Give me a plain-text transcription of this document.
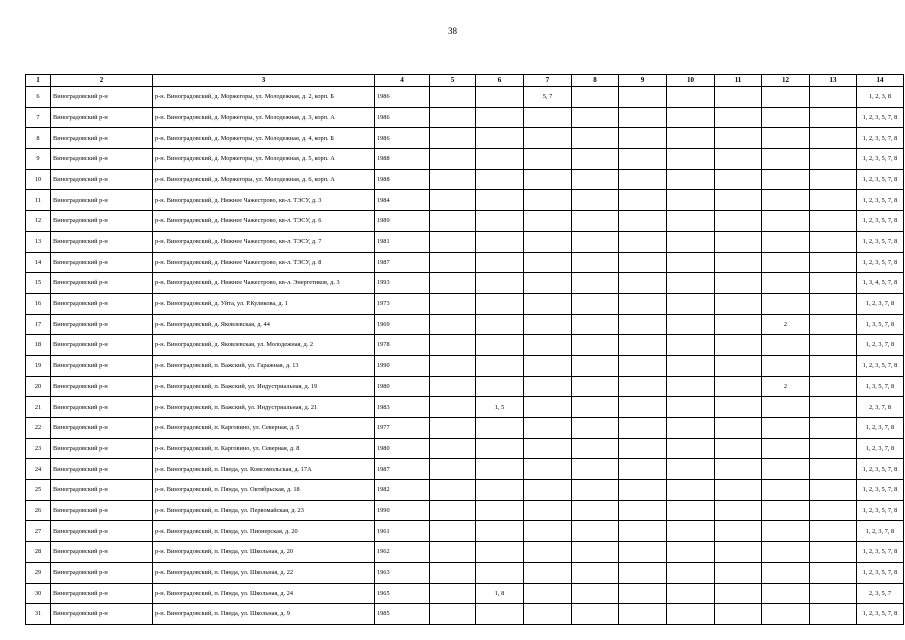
38
1	2	3	4	5	6	7	8	9	10	11	12	13	14
6	Виноградовский р-н	р-н. Виноградовский, д. Моржегоры, ул. Молодежная, д. 2, корп. Б	1986			5, 7							1, 2, 3, 8
7	Виноградовский р-н	р-н. Виноградовский, д. Моржегоры, ул. Молодежная, д. 3, корп. А	1986										1, 2, 3, 5, 7, 8
8	Виноградовский р-н	р-н. Виноградовский, д. Моржегоры, ул. Молодежная, д. 4, корп. Б	1986										1, 2, 3, 5, 7, 8
9	Виноградовский р-н	р-н. Виноградовский, д. Моржегоры, ул. Молодежная, д. 5, корп. А	1988										1, 2, 3, 5, 7, 8
10	Виноградовский р-н	р-н. Виноградовский, д. Моржегоры, ул. Молодежная, д. 6, корп. А	1988										1, 2, 3, 5, 7, 8
11	Виноградовский р-н	р-н. Виноградовский, д. Нижнее Чажестрово, кв-л. ТЭСУ, д. 3	1984										1, 2, 3, 5, 7, 8
12	Виноградовский р-н	р-н. Виноградовский, д. Нижнее Чажестрово, кв-л. ТЭСУ, д. 6	1989										1, 2, 3, 5, 7, 8
13	Виноградовский р-н	р-н. Виноградовский, д. Нижнее Чажестрово, кв-л. ТЭСУ, д. 7	1981										1, 2, 3, 5, 7, 8
14	Виноградовский р-н	р-н. Виноградовский, д. Нижнее Чажестрово, кв-л. ТЭСУ, д. 8	1987										1, 2, 3, 5, 7, 8
15	Виноградовский р-н	р-н. Виноградовский, д. Нижнее Чажестрово, кв-л. Энергетиков, д. 3	1993										1, 3, 4, 5, 7, 8
16	Виноградовский р-н	р-н. Виноградовский, д. Уйта, ул. Р.Куликова, д. 1	1973										1, 2, 3, 7, 8
17	Виноградовский р-н	р-н. Виноградовский, д. Яковлевская, д. 44	1969								2		1, 3, 5, 7, 8
18	Виноградовский р-н	р-н. Виноградовский, д. Яковлевская, ул. Молодежная, д. 2	1978										1, 2, 3, 7, 8
19	Виноградовский р-н	р-н. Виноградовский, п. Важский, ул. Гаражная, д. 13	1990										1, 2, 3, 5, 7, 8
20	Виноградовский р-н	р-н. Виноградовский, п. Важский, ул. Индустриальная, д. 19	1980								2		1, 3, 5, 7, 8
21	Виноградовский р-н	р-н. Виноградовский, п. Важский, ул. Индустриальная, д. 21	1983		1, 5								2, 3, 7, 8
22	Виноградовский р-н	р-н. Виноградовский, п. Карговино, ул. Северная, д. 5	1977										1, 2, 3, 7, 8
23	Виноградовский р-н	р-н. Виноградовский, п. Карговино, ул. Северная, д. 8	1980										1, 2, 3, 7, 8
24	Виноградовский р-н	р-н. Виноградовский, п. Пянда, ул. Комсомольская, д. 17А	1987										1, 2, 3, 5, 7, 8
25	Виноградовский р-н	р-н. Виноградовский, п. Пянда, ул. Октябрьская, д. 18	1982										1, 2, 3, 5, 7, 8
26	Виноградовский р-н	р-н. Виноградовский, п. Пянда, ул. Первомайская, д. 23	1990										1, 2, 3, 5, 7, 8
27	Виноградовский р-н	р-н. Виноградовский, п. Пянда, ул. Пионерская, д. 20	1961										1, 2, 3, 7, 8
28	Виноградовский р-н	р-н. Виноградовский, п. Пянда, ул. Школьная, д. 20	1962										1, 2, 3, 5, 7, 8
29	Виноградовский р-н	р-н. Виноградовский, п. Пянда, ул. Школьная, д. 22	1963										1, 2, 3, 5, 7, 8
30	Виноградовский р-н	р-н. Виноградовский, п. Пянда, ул. Школьная, д. 24	1965		1, 8								2, 3, 5, 7
31	Виноградовский р-н	р-н. Виноградовский, п. Пянда, ул. Школьная, д. 9	1985										1, 2, 3, 5, 7, 8
